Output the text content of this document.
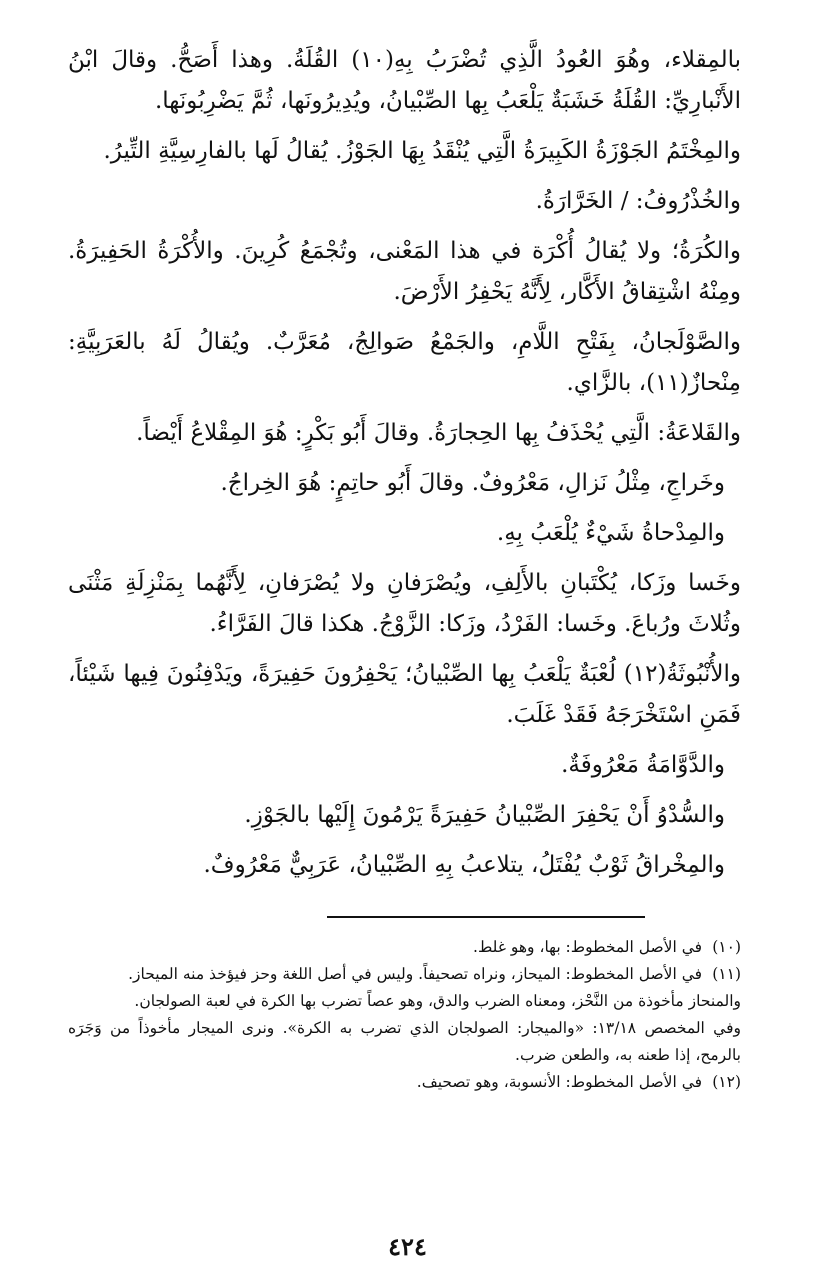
بالمِقلاء، وهُوَ العُودُ الَّذِي تُضْرَبُ بِهِ(١٠) القُلَةُ. وهذا أَصَحُّ. وقالَ ابْنُ الأَنْبارِيِّ: القُلَةُ خَشَبَةٌ يَلْعَبُ بِها الصِّبْيانُ، ويُدِيرُونَها، ثُمَّ يَضْرِبُونَها.

والمِخْتَمُ الجَوْزَةُ الكَبِيرَةُ الَّتِي يُنْقَدُ بِهَا الجَوْزُ. يُقالُ لَها بالفارِسِيَّةِ التِّيرُ.

والخُذْرُوفُ: / الخَرَّارَةُ.

والكُرَةُ؛ ولا يُقالُ أُكْرَة في هذا المَعْنى، وتُجْمَعُ كُرِينَ. والأُكْرَةُ الحَفِيرَةُ. ومِنْهُ اشْتِقاقُ الأَكَّار، لِأَنَّهُ يَحْفِرُ الأَرْضَ.

والصَّوْلَجانُ، بِفَتْحِ اللَّامِ، والجَمْعُ صَوالِجُ، مُعَرَّبٌ. ويُقالُ لَهُ بالعَرَبِيَّةِ: مِنْحازٌ(١١)، بالزَّاي.

والقَلاعَةُ: الَّتِي يُحْذَفُ بِها الحِجارَةُ. وقالَ أَبُو بَكْرٍ: هُوَ المِقْلاعُ أَيْضاً.

وخَراجِ، مِثْلُ نَزالِ، مَعْرُوفٌ. وقالَ أَبُو حاتِمٍ: هُوَ الخِراجُ.

والمِدْحاةُ شَيْءٌ يُلْعَبُ بِهِ.

وخَسا وزَكا، يُكْتَبانِ بالأَلِفِ، ويُصْرَفانِ ولا يُصْرَفانِ، لِأَنَّهُما بِمَنْزِلَةِ مَثْنَى وثُلاثَ ورُباعَ. وخَسا: الفَرْدُ، وزَكا: الزَّوْجُ. هكذا قالَ الفَرَّاءُ.

والأُنْبُوثَةُ(١٢) لُعْبَةٌ يَلْعَبُ بِها الصِّبْيانُ؛ يَحْفِرُونَ حَفِيرَةً، ويَدْفِنُونَ فِيها شَيْئاً، فَمَنِ اسْتَخْرَجَهُ فَقَدْ غَلَبَ.

والدَّوَّامَةُ مَعْرُوفَةٌ.

والسُّدْوُ أَنْ يَحْفِرَ الصِّبْيانُ حَفِيرَةً يَرْمُونَ إِلَيْها بالجَوْزِ.

والمِخْراقُ ثَوْبٌ يُفْتَلُ، يتلاعبُ بِهِ الصِّبْيانُ، عَرَبِيٌّ مَعْرُوفٌ.

(١٠) في الأصل المخطوط: بها، وهو غلط.

(١١) في الأصل المخطوط: الميحاز، ونراه تصحيفاً. وليس في أصل اللغة وحز فيؤخذ منه الميحاز.

والمنحاز مأخوذة من النَّحْز، ومعناه الضرب والدق، وهو عصاً تضرب بها الكرة في لعبة الصولجان.

وفي المخصص ١٣/١٨: «والميجار: الصولجان الذي تضرب به الكرة». ونرى الميجار مأخوذاً من وَجَرَه بالرمح، إذا طعنه به، والطعن ضرب.

(١٢) في الأصل المخطوط: الأنسوبة، وهو تصحيف.

٤٢٤
